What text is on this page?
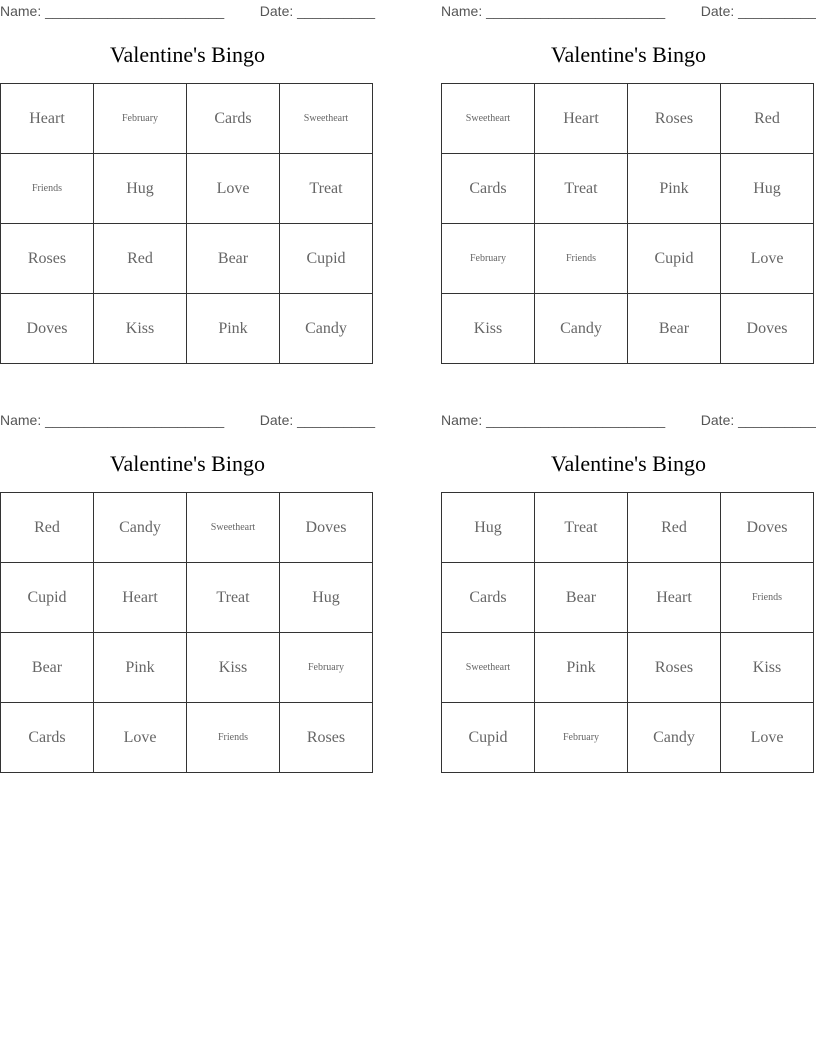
Name: _______________________	Date: __________
Valentine's Bingo
Heart	February	Cards	Sweetheart
Friends	Hug	Love	Treat
Roses	Red	Bear	Cupid
Doves	Kiss	Pink	Candy
Name: _______________________	Date: __________
Valentine's Bingo
Sweetheart	Heart	Roses	Red
Cards	Treat	Pink	Hug
February	Friends	Cupid	Love
Kiss	Candy	Bear	Doves
Name: _______________________	Date: __________
Valentine's Bingo
Red	Candy	Sweetheart	Doves
Cupid	Heart	Treat	Hug
Bear	Pink	Kiss	February
Cards	Love	Friends	Roses
Name: _______________________	Date: __________
Valentine's Bingo
Hug	Treat	Red	Doves
Cards	Bear	Heart	Friends
Sweetheart	Pink	Roses	Kiss
Cupid	February	Candy	Love
